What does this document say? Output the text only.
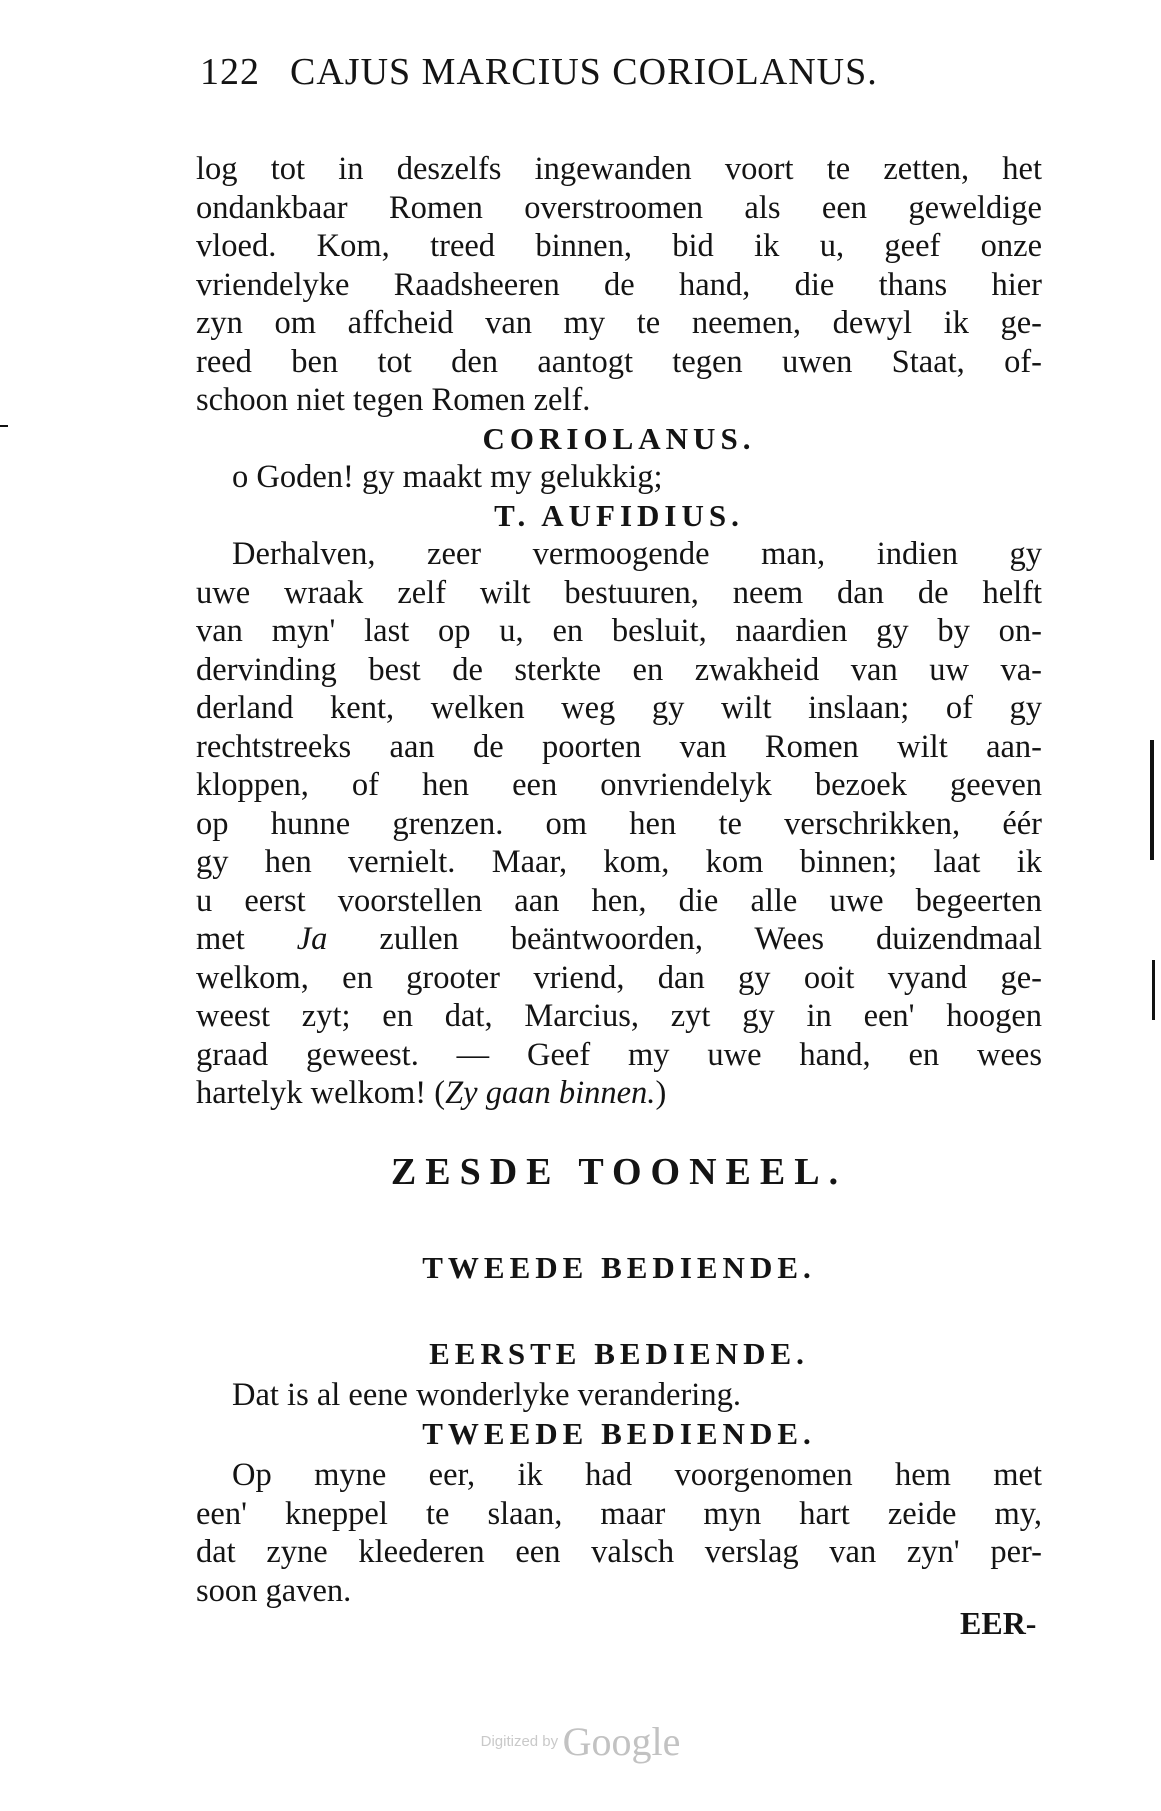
122 CAJUS MARCIUS CORIOLANUS.
log tot in deszelfs ingewanden voort te zetten, het
ondankbaar Romen overstroomen als een geweldige
vloed. Kom, treed binnen, bid ik u, geef onze
vriendelyke Raadsheeren de hand, die thans hier
zyn om affcheid van my te neemen, dewyl ik ge-
reed ben tot den aantogt tegen uwen Staat, of-
schoon niet tegen Romen zelf.
CORIOLANUS.
o Goden! gy maakt my gelukkig;
T. AUFIDIUS.
Derhalven, zeer vermoogende man, indien gy
uwe wraak zelf wilt bestuuren, neem dan de helft
van myn' last op u, en besluit, naardien gy by on-
dervinding best de sterkte en zwakheid van uw va-
derland kent, welken weg gy wilt inslaan; of gy
rechtstreeks aan de poorten van Romen wilt aan-
kloppen, of hen een onvriendelyk bezoek geeven
op hunne grenzen. om hen te verschrikken, éér
gy hen vernielt. Maar, kom, kom binnen; laat ik
u eerst voorstellen aan hen, die alle uwe begeerten
met Ja zullen beäntwoorden, Wees duizendmaal
welkom, en grooter vriend, dan gy ooit vyand ge-
weest zyt; en dat, Marcius, zyt gy in een' hoogen
graad geweest. — Geef my uwe hand, en wees
hartelyk welkom! (Zy gaan binnen.)
ZESDE TOONEEL.
TWEEDE BEDIENDE.
EERSTE BEDIENDE.
Dat is al eene wonderlyke verandering.
TWEEDE BEDIENDE.
Op myne eer, ik had voorgenomen hem met
een' kneppel te slaan, maar myn hart zeide my,
dat zyne kleederen een valsch verslag van zyn' per-
soon gaven.
EER-
Digitized by Google
